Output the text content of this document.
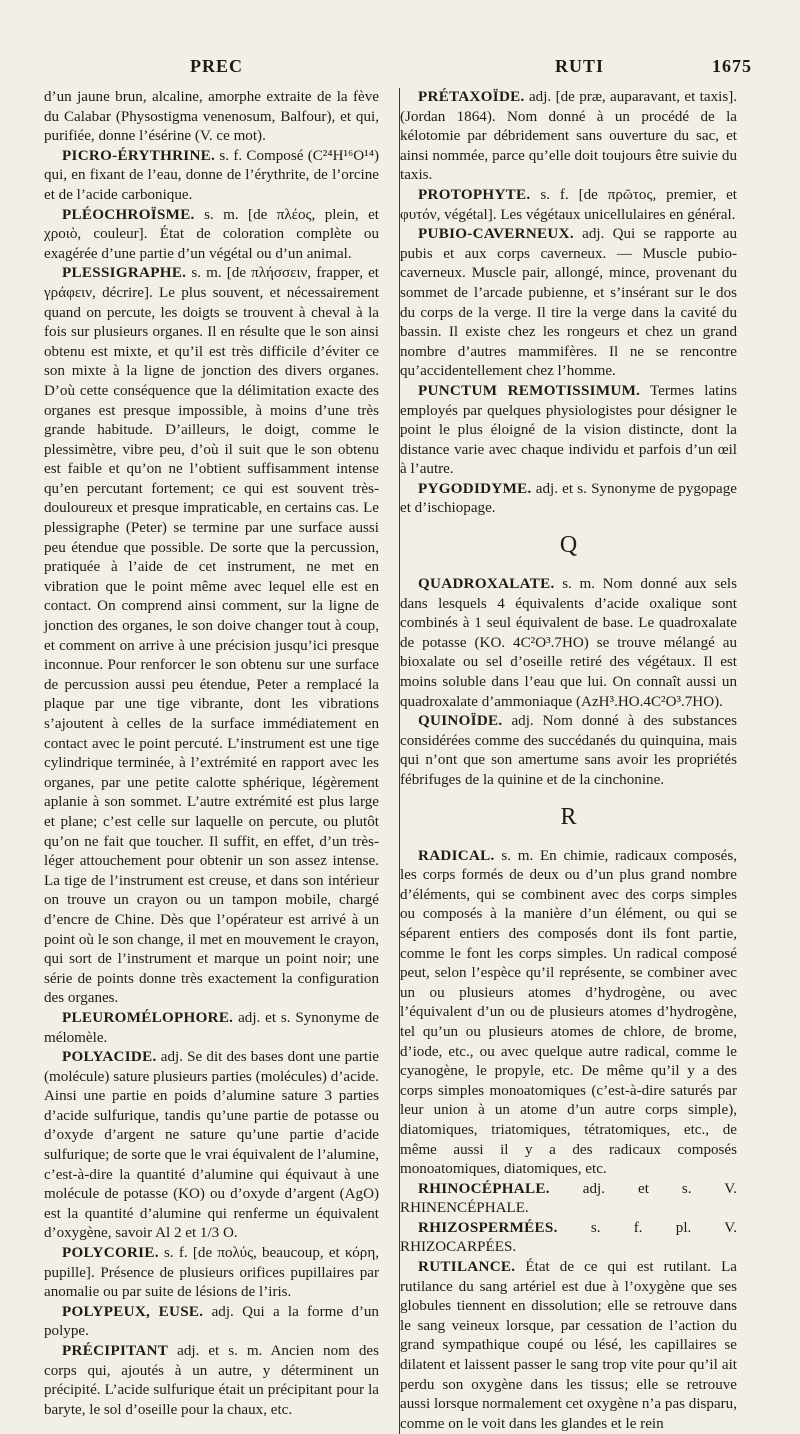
PREC	RUTI	1675

d’un jaune brun, alcaline, amorphe extraite de la fève du Calabar (Physostigma venenosum, Balfour), et qui, purifiée, donne l’ésérine (V. ce mot).

PICRO-ÉRYTHRINE. s. f. Composé (C²⁴H¹⁶O¹⁴) qui, en fixant de l’eau, donne de l’érythrite, de l’orcine et de l’acide carbonique.

PLÉOCHROÏSME. s. m. [de πλέος, plein, et χροιὸ, couleur]. État de coloration complète ou exagérée d’une partie d’un végétal ou d’un animal.

PLESSIGRAPHE. s. m. [de πλήσσειν, frapper, et γράφειν, décrire]. Le plus souvent, et nécessairement quand on percute, les doigts se trouvent à cheval à la fois sur plusieurs organes. Il en résulte que le son ainsi obtenu est mixte, et qu’il est très difficile d’éviter ce son mixte à la ligne de jonction des divers organes. D’où cette conséquence que la délimitation exacte des organes est presque impossible, à moins d’une très grande habitude. D’ailleurs, le doigt, comme le plessimètre, vibre peu, d’où il suit que le son obtenu est faible et qu’on ne l’obtient suffisamment intense qu’en percutant fortement; ce qui est souvent très-douloureux et presque impraticable, en certains cas. Le plessigraphe (Peter) se termine par une surface aussi peu étendue que possible. De sorte que la percussion, pratiquée à l’aide de cet instrument, ne met en vibration que le point même avec lequel elle est en contact. On comprend ainsi comment, sur la ligne de jonction des organes, le son doive changer tout à coup, et comment on arrive à une précision jusqu’ici presque inconnue. Pour renforcer le son obtenu sur une surface de percussion aussi peu étendue, Peter a remplacé la plaque par une tige vibrante, dont les vibrations s’ajoutent à celles de la surface immédiatement en contact avec le point percuté. L’instrument est une tige cylindrique terminée, à l’extrémité en rapport avec les organes, par une petite calotte sphérique, légèrement aplanie à son sommet. L’autre extrémité est plus large et plane; c’est celle sur laquelle on percute, ou plutôt qu’on ne fait que toucher. Il suffit, en effet, d’un très-léger attouchement pour obtenir un son assez intense. La tige de l’instrument est creuse, et dans son intérieur on trouve un crayon ou un tampon mobile, chargé d’encre de Chine. Dès que l’opérateur est arrivé à un point où le son change, il met en mouvement le crayon, qui sort de l’instrument et marque un point noir; une série de points donne très exactement la configuration des organes.

PLEUROMÉLOPHORE. adj. et s. Synonyme de mélomèle.

POLYACIDE. adj. Se dit des bases dont une partie (molécule) sature plusieurs parties (molécules) d’acide. Ainsi une partie en poids d’alumine sature 3 parties d’acide sulfurique, tandis qu’une partie de potasse ou d’oxyde d’argent ne sature qu’une partie d’acide sulfurique; de sorte que le vrai équivalent de l’alumine, c’est-à-dire la quantité d’alumine qui équivaut à une molécule de potasse (KO) ou d’oxyde d’argent (AgO) est la quantité d’alumine qui renferme un équivalent d’oxygène, savoir Al 2 et 1/3 O.

POLYCORIE. s. f. [de πολύς, beaucoup, et κόρη, pupille]. Présence de plusieurs orifices pupillaires par anomalie ou par suite de lésions de l’iris.

POLYPEUX, EUSE. adj. Qui a la forme d’un polype.

PRÉCIPITANT adj. et s. m. Ancien nom des corps qui, ajoutés à un autre, y déterminent un précipité. L’acide sulfurique était un précipitant pour la baryte, le sol d’oseille pour la chaux, etc.

PRÉTAXOÏDE. adj. [de præ, auparavant, et taxis]. (Jordan 1864). Nom donné à un procédé de la kélotomie par débridement sans ouverture du sac, et ainsi nommée, parce qu’elle doit toujours être suivie du taxis.

PROTOPHYTE. s. f. [de πρῶτος, premier, et φυτόν, végétal]. Les végétaux unicellulaires en général.

PUBIO-CAVERNEUX. adj. Qui se rapporte au pubis et aux corps caverneux. — Muscle pubio-caverneux. Muscle pair, allongé, mince, provenant du sommet de l’arcade pubienne, et s’insérant sur le dos du corps de la verge. Il tire la verge dans la cavité du bassin. Il existe chez les rongeurs et chez un grand nombre d’autres mammifères. Il ne se rencontre qu’accidentellement chez l’homme.

PUNCTUM REMOTISSIMUM. Termes latins employés par quelques physiologistes pour désigner le point le plus éloigné de la vision distincte, dont la distance varie avec chaque individu et parfois d’un œil à l’autre.

PYGODIDYME. adj. et s. Synonyme de pygopage et d’ischiopage.

Q

QUADROXALATE. s. m. Nom donné aux sels dans lesquels 4 équivalents d’acide oxalique sont combinés à 1 seul équivalent de base. Le quadroxalate de potasse (KO. 4C²O³.7HO) se trouve mélangé au bioxalate ou sel d’oseille retiré des végétaux. Il est moins soluble dans l’eau que lui. On connaît aussi un quadroxalate d’ammoniaque (AzH³.HO.4C²O³.7HO).

QUINOÏDE. adj. Nom donné à des substances considérées comme des succédanés du quinquina, mais qui n’ont que son amertume sans avoir les propriétés fébrifuges de la quinine et de la cinchonine.

R

RADICAL. s. m. En chimie, radicaux composés, les corps formés de deux ou d’un plus grand nombre d’éléments, qui se combinent avec des corps simples ou composés à la manière d’un élément, ou qui se séparent entiers des composés dont ils font partie, comme le font les corps simples. Un radical composé peut, selon l’espèce qu’il représente, se combiner avec un ou plusieurs atomes d’hydrogène, ou avec l’équivalent d’un ou de plusieurs atomes d’hydrogène, tel qu’un ou plusieurs atomes de chlore, de brome, d’iode, etc., ou avec quelque autre radical, comme le cyanogène, le propyle, etc. De même qu’il y a des corps simples monoatomiques (c’est-à-dire saturés par leur union à un atome d’un autre corps simple), diatomiques, triatomiques, tétratomiques, etc., de même aussi il y a des radicaux composés monoatomiques, diatomiques, etc.

RHINOCÉPHALE. adj. et s. V. RHINENCÉPHALE.

RHIZOSPERMÉES. s. f. pl. V. RHIZOCARPÉES.

RUTILANCE. État de ce qui est rutilant. La rutilance du sang artériel est due à l’oxygène que ses globules tiennent en dissolution; elle se retrouve dans le sang veineux lorsque, par cessation de l’action du grand sympathique coupé ou lésé, les capillaires se dilatent et laissent passer le sang trop vite pour qu’il ait perdu son oxygène dans les tissus; elle se retrouve aussi lorsque normalement cet oxygène n’a pas disparu, comme on le voit dans les glandes et le rein
